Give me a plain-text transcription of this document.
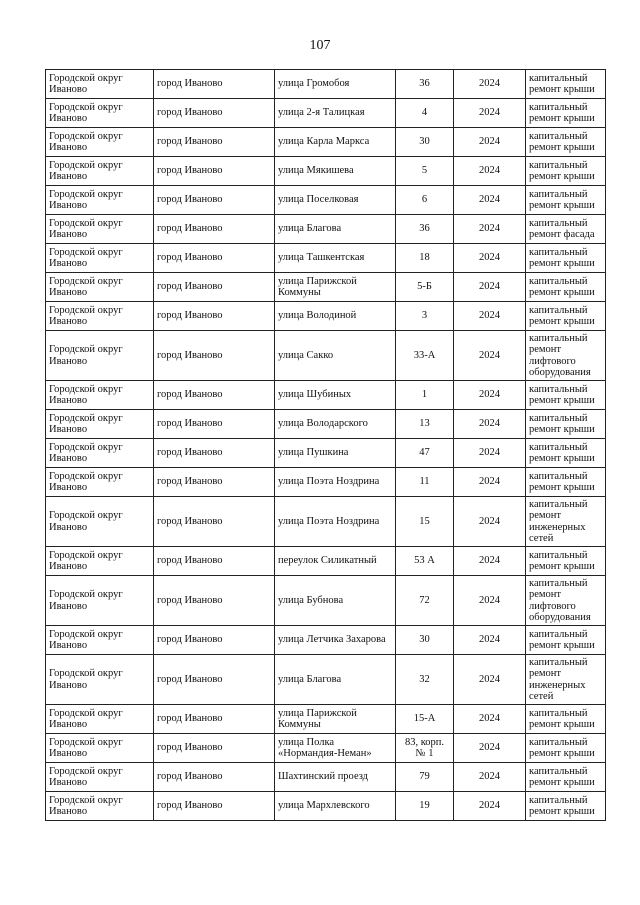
107
Городской округ Иваново	город Иваново	улица Громобоя	36	2024	капитальный ремонт крыши
Городской округ Иваново	город Иваново	улица 2-я Талицкая	4	2024	капитальный ремонт крыши
Городской округ Иваново	город Иваново	улица Карла Маркса	30	2024	капитальный ремонт крыши
Городской округ Иваново	город Иваново	улица Мякишева	5	2024	капитальный ремонт крыши
Городской округ Иваново	город Иваново	улица Поселковая	6	2024	капитальный ремонт крыши
Городской округ Иваново	город Иваново	улица Благова	36	2024	капитальный ремонт фасада
Городской округ Иваново	город Иваново	улица Ташкентская	18	2024	капитальный ремонт крыши
Городской округ Иваново	город Иваново	улица Парижской Коммуны	5-Б	2024	капитальный ремонт крыши
Городской округ Иваново	город Иваново	улица Володиной	3	2024	капитальный ремонт крыши
Городской округ Иваново	город Иваново	улица Сакко	33-А	2024	капитальный ремонт лифтового оборудования
Городской округ Иваново	город Иваново	улица Шубиных	1	2024	капитальный ремонт крыши
Городской округ Иваново	город Иваново	улица Володарского	13	2024	капитальный ремонт крыши
Городской округ Иваново	город Иваново	улица Пушкина	47	2024	капитальный ремонт крыши
Городской округ Иваново	город Иваново	улица Поэта Ноздрина	11	2024	капитальный ремонт крыши
Городской округ Иваново	город Иваново	улица Поэта Ноздрина	15	2024	капитальный ремонт инженерных сетей
Городской округ Иваново	город Иваново	переулок Силикатный	53 А	2024	капитальный ремонт крыши
Городской округ Иваново	город Иваново	улица Бубнова	72	2024	капитальный ремонт лифтового оборудования
Городской округ Иваново	город Иваново	улица Летчика Захарова	30	2024	капитальный ремонт крыши
Городской округ Иваново	город Иваново	улица Благова	32	2024	капитальный ремонт инженерных сетей
Городской округ Иваново	город Иваново	улица Парижской Коммуны	15-А	2024	капитальный ремонт крыши
Городской округ Иваново	город Иваново	улица Полка «Нормандия-Неман»	83, корп. № 1	2024	капитальный ремонт крыши
Городской округ Иваново	город Иваново	Шахтинский проезд	79	2024	капитальный ремонт крыши
Городской округ Иваново	город Иваново	улица Мархлевского	19	2024	капитальный ремонт крыши
